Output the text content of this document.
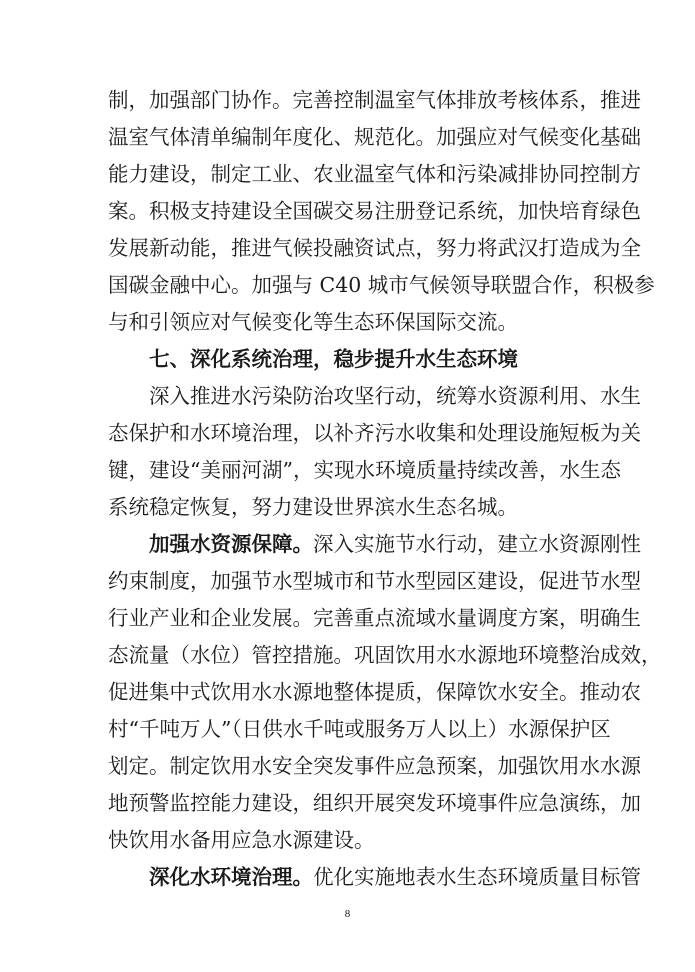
制，加强部门协作。完善控制温室气体排放考核体系，推进
温室气体清单编制年度化、规范化。加强应对气候变化基础
能力建设，制定工业、农业温室气体和污染减排协同控制方
案。积极支持建设全国碳交易注册登记系统，加快培育绿色
发展新动能，推进气候投融资试点，努力将武汉打造成为全
国碳金融中心。加强与 C40 城市气候领导联盟合作，积极参
与和引领应对气候变化等生态环保国际交流。
七、深化系统治理，稳步提升水生态环境
深入推进水污染防治攻坚行动，统筹水资源利用、水生
态保护和水环境治理，以补齐污水收集和处理设施短板为关
键，建设“美丽河湖”，实现水环境质量持续改善，水生态
系统稳定恢复，努力建设世界滨水生态名城。
加强水资源保障。深入实施节水行动，建立水资源刚性
约束制度，加强节水型城市和节水型园区建设，促进节水型
行业产业和企业发展。完善重点流域水量调度方案，明确生
态流量（水位）管控措施。巩固饮用水水源地环境整治成效，
促进集中式饮用水水源地整体提质，保障饮水安全。推动农
村“千吨万人”（日供水千吨或服务万人以上）水源保护区
划定。制定饮用水安全突发事件应急预案，加强饮用水水源
地预警监控能力建设，组织开展突发环境事件应急演练，加
快饮用水备用应急水源建设。
深化水环境治理。优化实施地表水生态环境质量目标管
8
